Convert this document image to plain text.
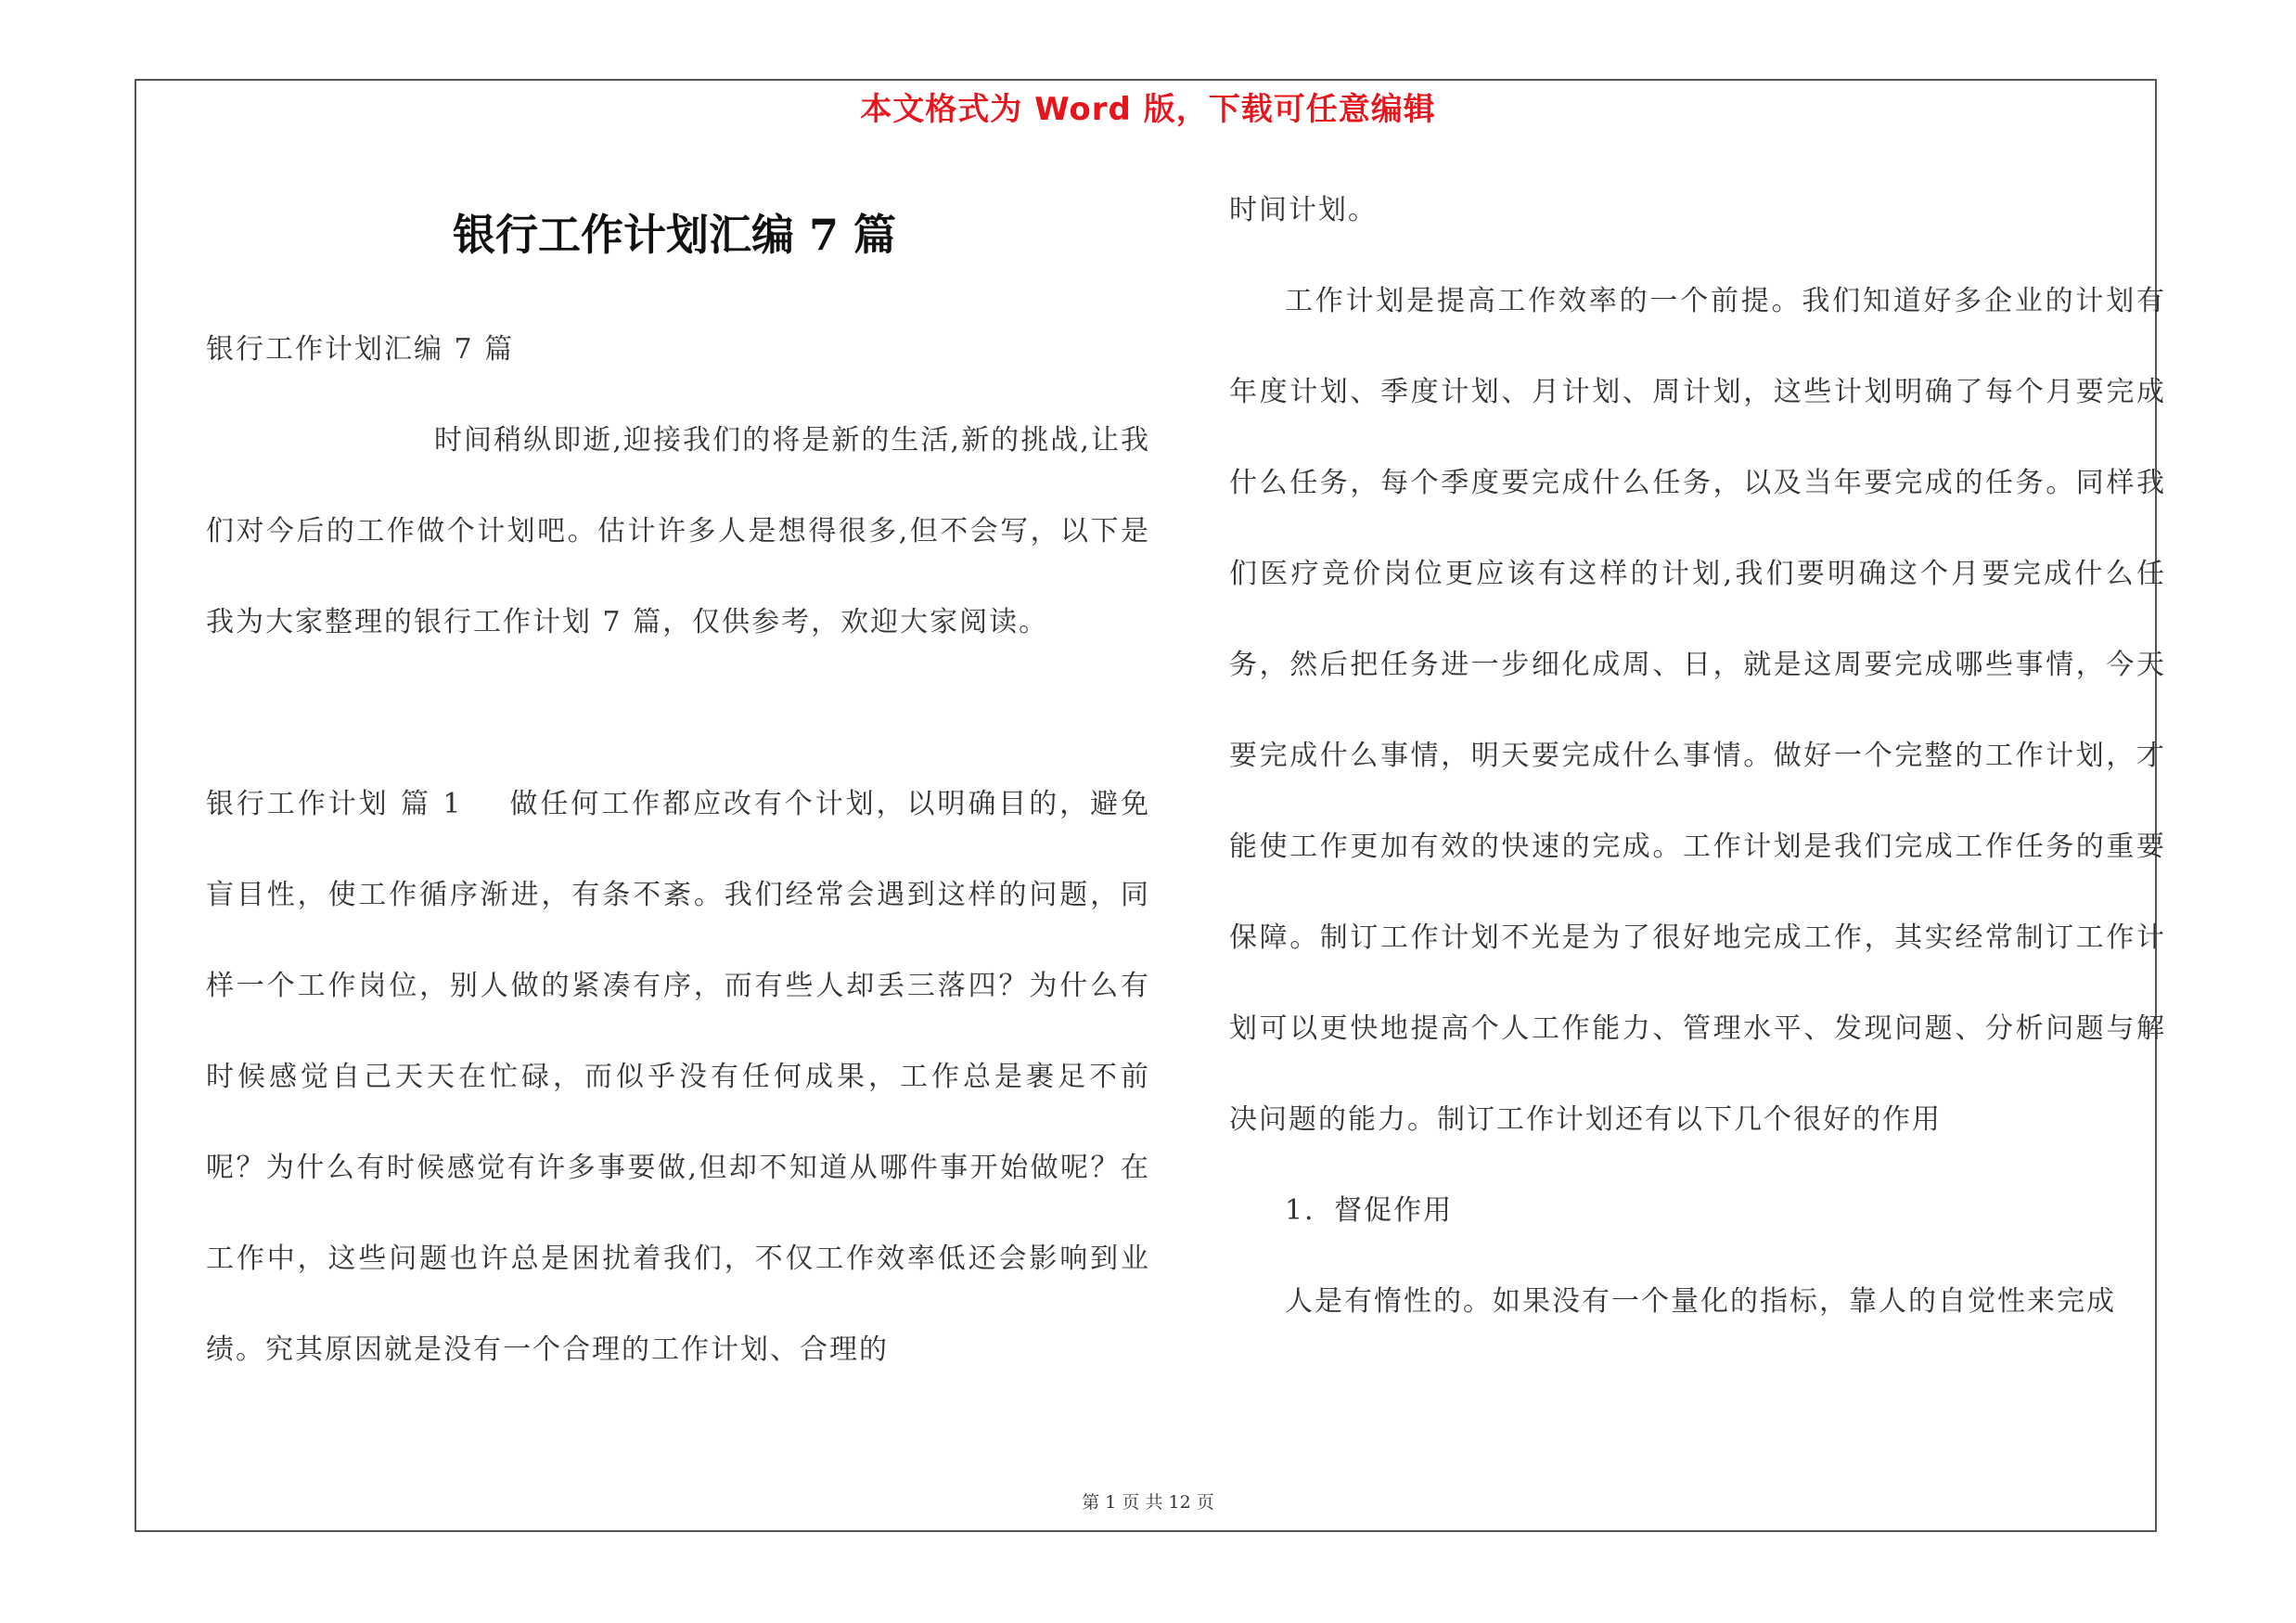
本文格式为 Word 版，下载可任意编辑
银行工作计划汇编 7 篇

银行工作计划汇编 7 篇

时间稍纵即逝,迎接我们的将是新的生活,新的挑战,让我们对今后的工作做个计划吧。估计许多人是想得很多,但不会写，以下是我为大家整理的银行工作计划 7 篇，仅供参考，欢迎大家阅读。

银行工作计划 篇 1 做任何工作都应改有个计划，以明确目的，避免盲目性，使工作循序渐进，有条不紊。我们经常会遇到这样的问题，同样一个工作岗位，别人做的紧凑有序，而有些人却丢三落四？为什么有时候感觉自己天天在忙碌，而似乎没有任何成果，工作总是裹足不前呢？为什么有时候感觉有许多事要做,但却不知道从哪件事开始做呢？在工作中，这些问题也许总是困扰着我们，不仅工作效率低还会影响到业绩。究其原因就是没有一个合理的工作计划、合理的

时间计划。

工作计划是提高工作效率的一个前提。我们知道好多企业的计划有年度计划、季度计划、月计划、周计划，这些计划明确了每个月要完成什么任务，每个季度要完成什么任务，以及当年要完成的任务。同样我们医疗竞价岗位更应该有这样的计划,我们要明确这个月要完成什么任务，然后把任务进一步细化成周、日，就是这周要完成哪些事情，今天要完成什么事情，明天要完成什么事情。做好一个完整的工作计划，才能使工作更加有效的快速的完成。工作计划是我们完成工作任务的重要保障。制订工作计划不光是为了很好地完成工作，其实经常制订工作计划可以更快地提高个人工作能力、管理水平、发现问题、分析问题与解决问题的能力。制订工作计划还有以下几个很好的作用

1．督促作用

人是有惰性的。如果没有一个量化的指标，靠人的自觉性来完成

第 1 页 共 12 页
